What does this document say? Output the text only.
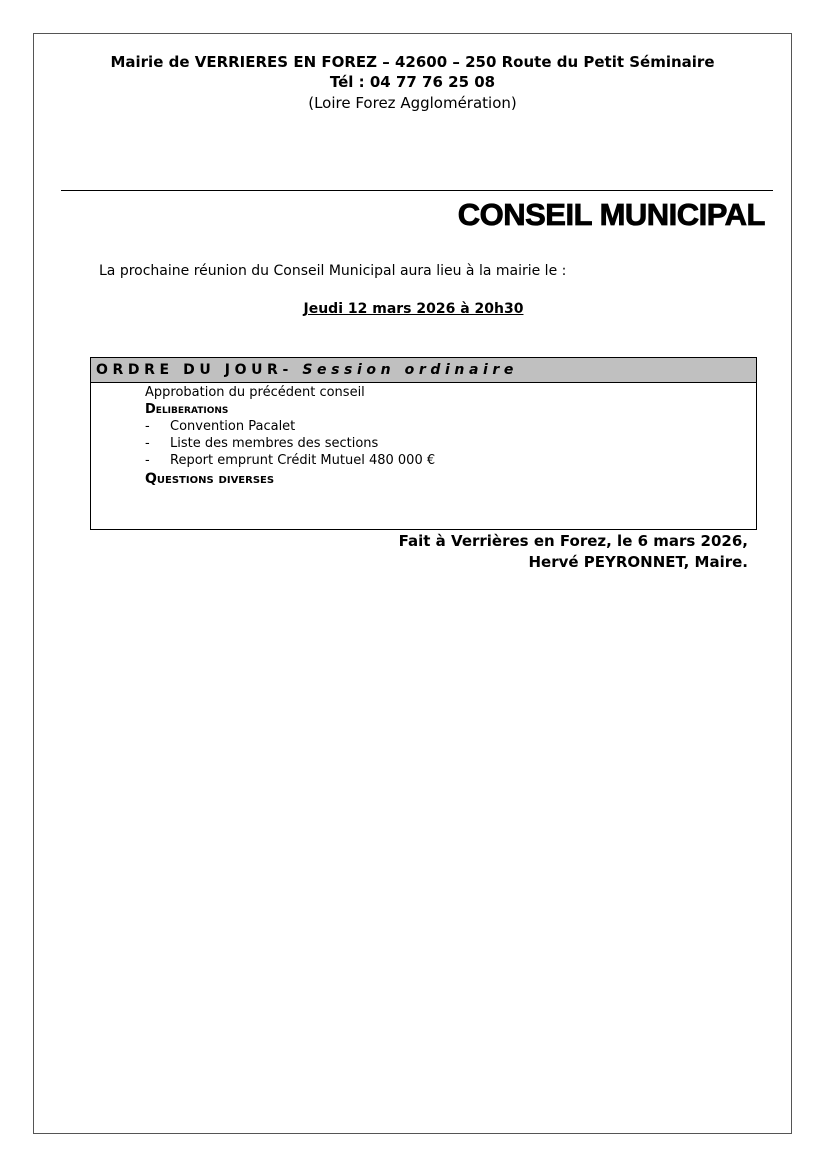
Mairie de VERRIERES EN FOREZ – 42600 – 250 Route du Petit Séminaire
Tél : 04 77 76 25 08
(Loire Forez Agglomération)
CONSEIL MUNICIPAL
La prochaine réunion du Conseil Municipal aura lieu à la mairie le :
Jeudi 12 mars 2026 à 20h30
ORDRE DU JOUR- Session ordinaire
Approbation du précédent conseil
Deliberations
- Convention Pacalet
- Liste des membres des sections
- Report emprunt Crédit Mutuel 480 000 €
Questions diverses
Fait à Verrières en Forez, le 6 mars 2026,
Hervé PEYRONNET, Maire.
